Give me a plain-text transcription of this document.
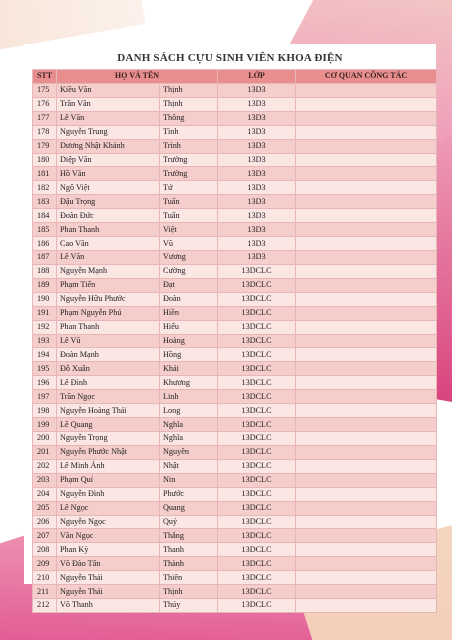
DANH SÁCH CỰU SINH VIÊN KHOA ĐIỆN
STT	HỌ VÀ TÊN		LỚP	CƠ QUAN CÔNG TÁC
175	Kiều Văn	Thịnh	13D3	
176	Trần Văn	Thịnh	13D3	
177	Lê Văn	Thông	13D3	
178	Nguyễn Trung	Tình	13D3	
179	Dương Nhật Khánh	Trình	13D3	
180	Diệp Văn	Trường	13D3	
181	Hồ Văn	Trường	13D3	
182	Ngô Việt	Tứ	13D3	
183	Đậu Trọng	Tuấn	13D3	
184	Đoàn Đức	Tuấn	13D3	
185	Phan Thanh	Việt	13D3	
186	Cao Văn	Vũ	13D3	
187	Lê Văn	Vương	13D3	
188	Nguyễn Mạnh	Cường	13DCLC	
189	Phạm Tiến	Đạt	13DCLC	
190	Nguyễn Hữu Phước	Đoàn	13DCLC	
191	Phạm Nguyễn Phú	Hiền	13DCLC	
192	Phan Thanh	Hiếu	13DCLC	
193	Lê Vũ	Hoàng	13DCLC	
194	Đoàn Mạnh	Hồng	13DCLC	
195	Đỗ Xuân	Khải	13DCLC	
196	Lê Đình	Khương	13DCLC	
197	Trần Ngọc	Linh	13DCLC	
198	Nguyễn Hoàng Thái	Long	13DCLC	
199	Lê Quang	Nghĩa	13DCLC	
200	Nguyễn Trọng	Nghĩa	13DCLC	
201	Nguyễn Phước Nhật	Nguyên	13DCLC	
202	Lê Minh Ánh	Nhật	13DCLC	
203	Phạm Quí	Nin	13DCLC	
204	Nguyễn Đình	Phước	13DCLC	
205	Lê Ngọc	Quang	13DCLC	
206	Nguyễn Ngọc	Quý	13DCLC	
207	Văn Ngọc	Thắng	13DCLC	
208	Phan Kỳ	Thanh	13DCLC	
209	Võ Đào Tấn	Thành	13DCLC	
210	Nguyễn Thái	Thiên	13DCLC	
211	Nguyễn Thái	Thịnh	13DCLC	
212	Võ Thanh	Thúy	13DCLC	
